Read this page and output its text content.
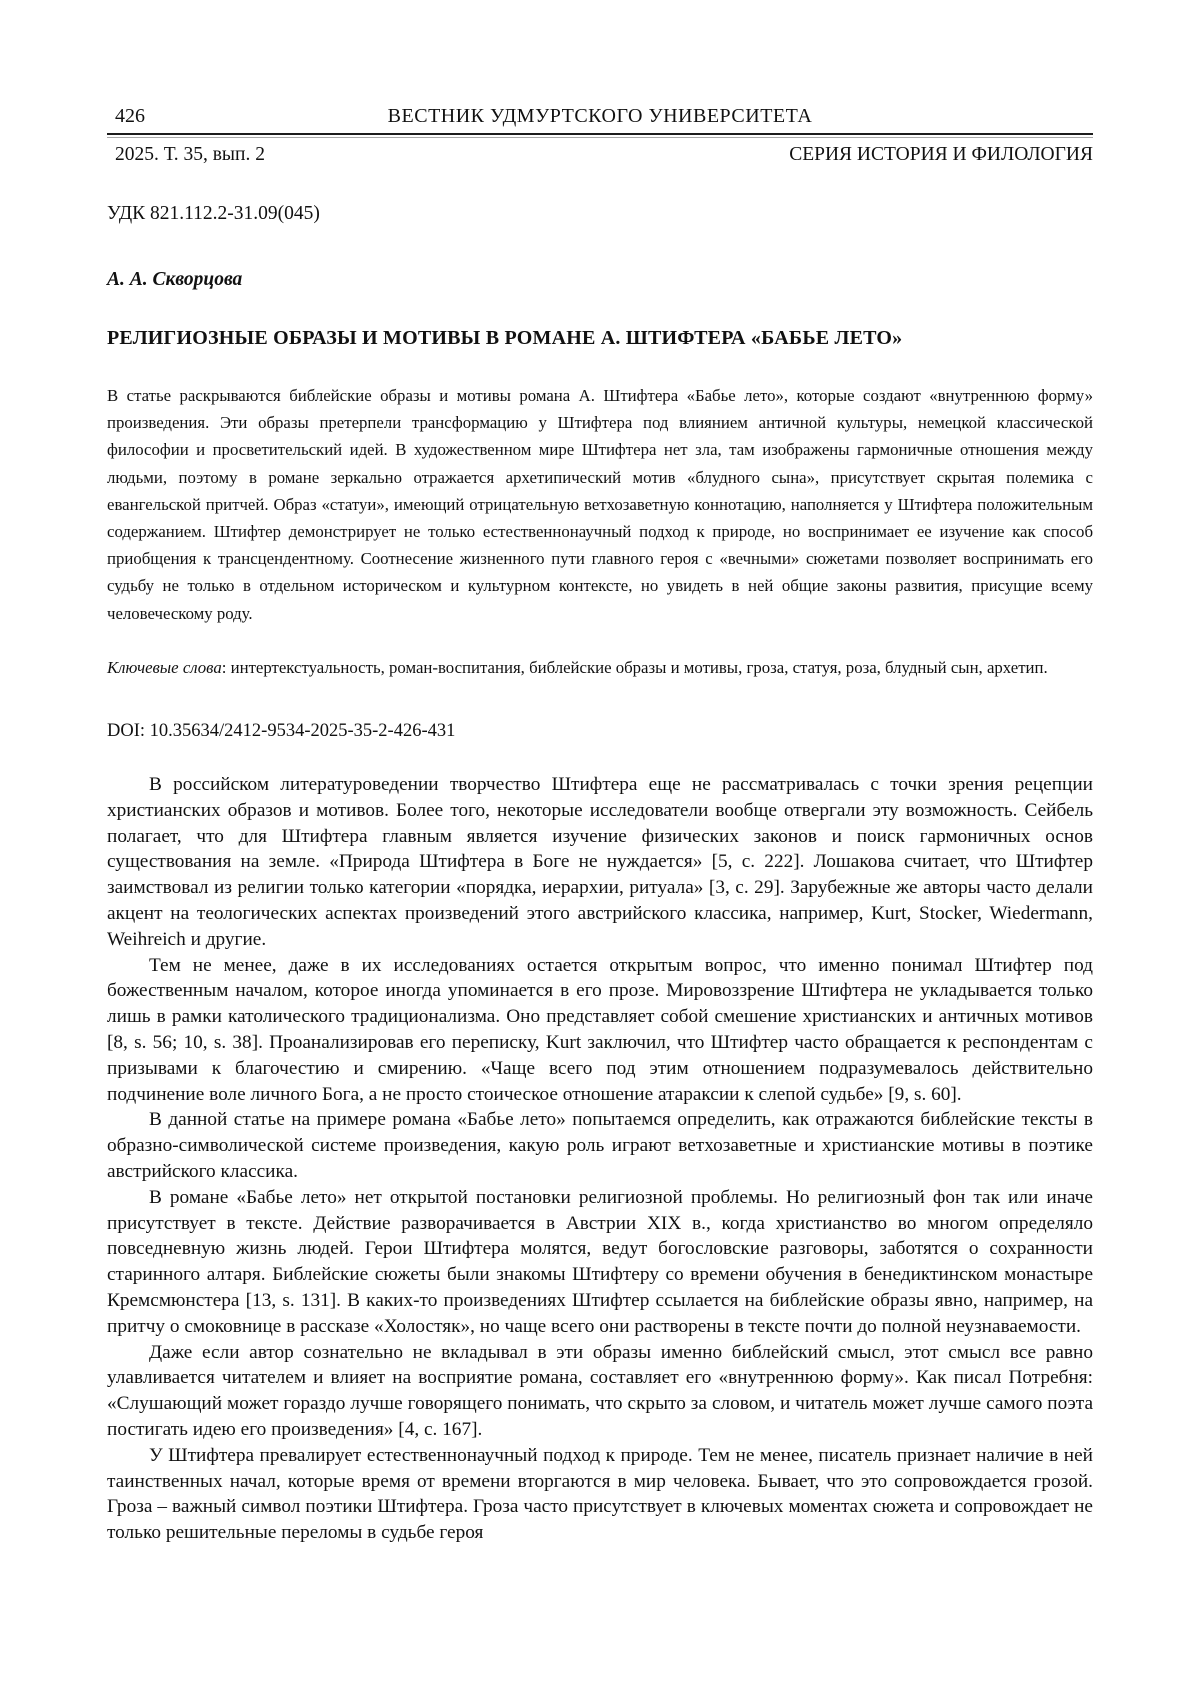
426	ВЕСТНИК УДМУРТСКОГО УНИВЕРСИТЕТА
2025. Т. 35, вып. 2	СЕРИЯ ИСТОРИЯ И ФИЛОЛОГИЯ
УДК 821.112.2-31.09(045)
А. А. Скворцова
РЕЛИГИОЗНЫЕ ОБРАЗЫ И МОТИВЫ В РОМАНЕ А. ШТИФТЕРА «БАБЬЕ ЛЕТО»
В статье раскрываются библейские образы и мотивы романа А. Штифтера «Бабье лето», которые создают «внутреннюю форму» произведения. Эти образы претерпели трансформацию у Штифтера под влиянием античной культуры, немецкой классической философии и просветительский идей. В художественном мире Штифтера нет зла, там изображены гармоничные отношения между людьми, поэтому в романе зеркально отражается архетипический мотив «блудного сына», присутствует скрытая полемика с евангельской притчей. Образ «статуи», имеющий отрицательную ветхозаветную коннотацию, наполняется у Штифтера положительным содержанием. Штифтер демонстрирует не только естественнонаучный подход к природе, но воспринимает ее изучение как способ приобщения к трансцендентному. Соотнесение жизненного пути главного героя с «вечными» сюжетами позволяет воспринимать его судьбу не только в отдельном историческом и культурном контексте, но увидеть в ней общие законы развития, присущие всему человеческому роду.
Ключевые слова: интертекстуальность, роман-воспитания, библейские образы и мотивы, гроза, статуя, роза, блудный сын, архетип.
DOI: 10.35634/2412-9534-2025-35-2-426-431

В российском литературоведении творчество Штифтера еще не рассматривалась с точки зрения рецепции христианских образов и мотивов. Более того, некоторые исследователи вообще отвергали эту возможность. Сейбель полагает, что для Штифтера главным является изучение физических законов и поиск гармоничных основ существования на земле. «Природа Штифтера в Боге не нуждается» [5, с. 222]. Лошакова считает, что Штифтер заимствовал из религии только категории «порядка, иерархии, ритуала» [3, с. 29]. Зарубежные же авторы часто делали акцент на теологических аспектах произведений этого австрийского классика, например, Kurt, Stocker, Wiedermann, Weihreich и другие.

Тем не менее, даже в их исследованиях остается открытым вопрос, что именно понимал Штифтер под божественным началом, которое иногда упоминается в его прозе. Мировоззрение Штифтера не укладывается только лишь в рамки католического традиционализма. Оно представляет собой смешение христианских и античных мотивов [8, s. 56; 10, s. 38]. Проанализировав его переписку, Kurt заключил, что Штифтер часто обращается к респондентам с призывами к благочестию и смирению. «Чаще всего под этим отношением подразумевалось действительно подчинение воле личного Бога, а не просто стоическое отношение атараксии к слепой судьбе» [9, s. 60].

В данной статье на примере романа «Бабье лето» попытаемся определить, как отражаются библейские тексты в образно-символической системе произведения, какую роль играют ветхозаветные и христианские мотивы в поэтике австрийского классика.

В романе «Бабье лето» нет открытой постановки религиозной проблемы. Но религиозный фон так или иначе присутствует в тексте. Действие разворачивается в Австрии XIX в., когда христианство во многом определяло повседневную жизнь людей. Герои Штифтера молятся, ведут богословские разговоры, заботятся о сохранности старинного алтаря. Библейские сюжеты были знакомы Штифтеру со времени обучения в бенедиктинском монастыре Кремсмюнстера [13, s. 131]. В каких-то произведениях Штифтер ссылается на библейские образы явно, например, на притчу о смоковнице в рассказе «Холостяк», но чаще всего они растворены в тексте почти до полной неузнаваемости.

Даже если автор сознательно не вкладывал в эти образы именно библейский смысл, этот смысл все равно улавливается читателем и влияет на восприятие романа, составляет его «внутреннюю форму». Как писал Потребня: «Слушающий может гораздо лучше говорящего понимать, что скрыто за словом, и читатель может лучше самого поэта постигать идею его произведения» [4, с. 167].

У Штифтера превалирует естественнонаучный подход к природе. Тем не менее, писатель признает наличие в ней таинственных начал, которые время от времени вторгаются в мир человека. Бывает, что это сопровождается грозой. Гроза – важный символ поэтики Штифтера. Гроза часто присутствует в ключевых моментах сюжета и сопровождает не только решительные переломы в судьбе героя
